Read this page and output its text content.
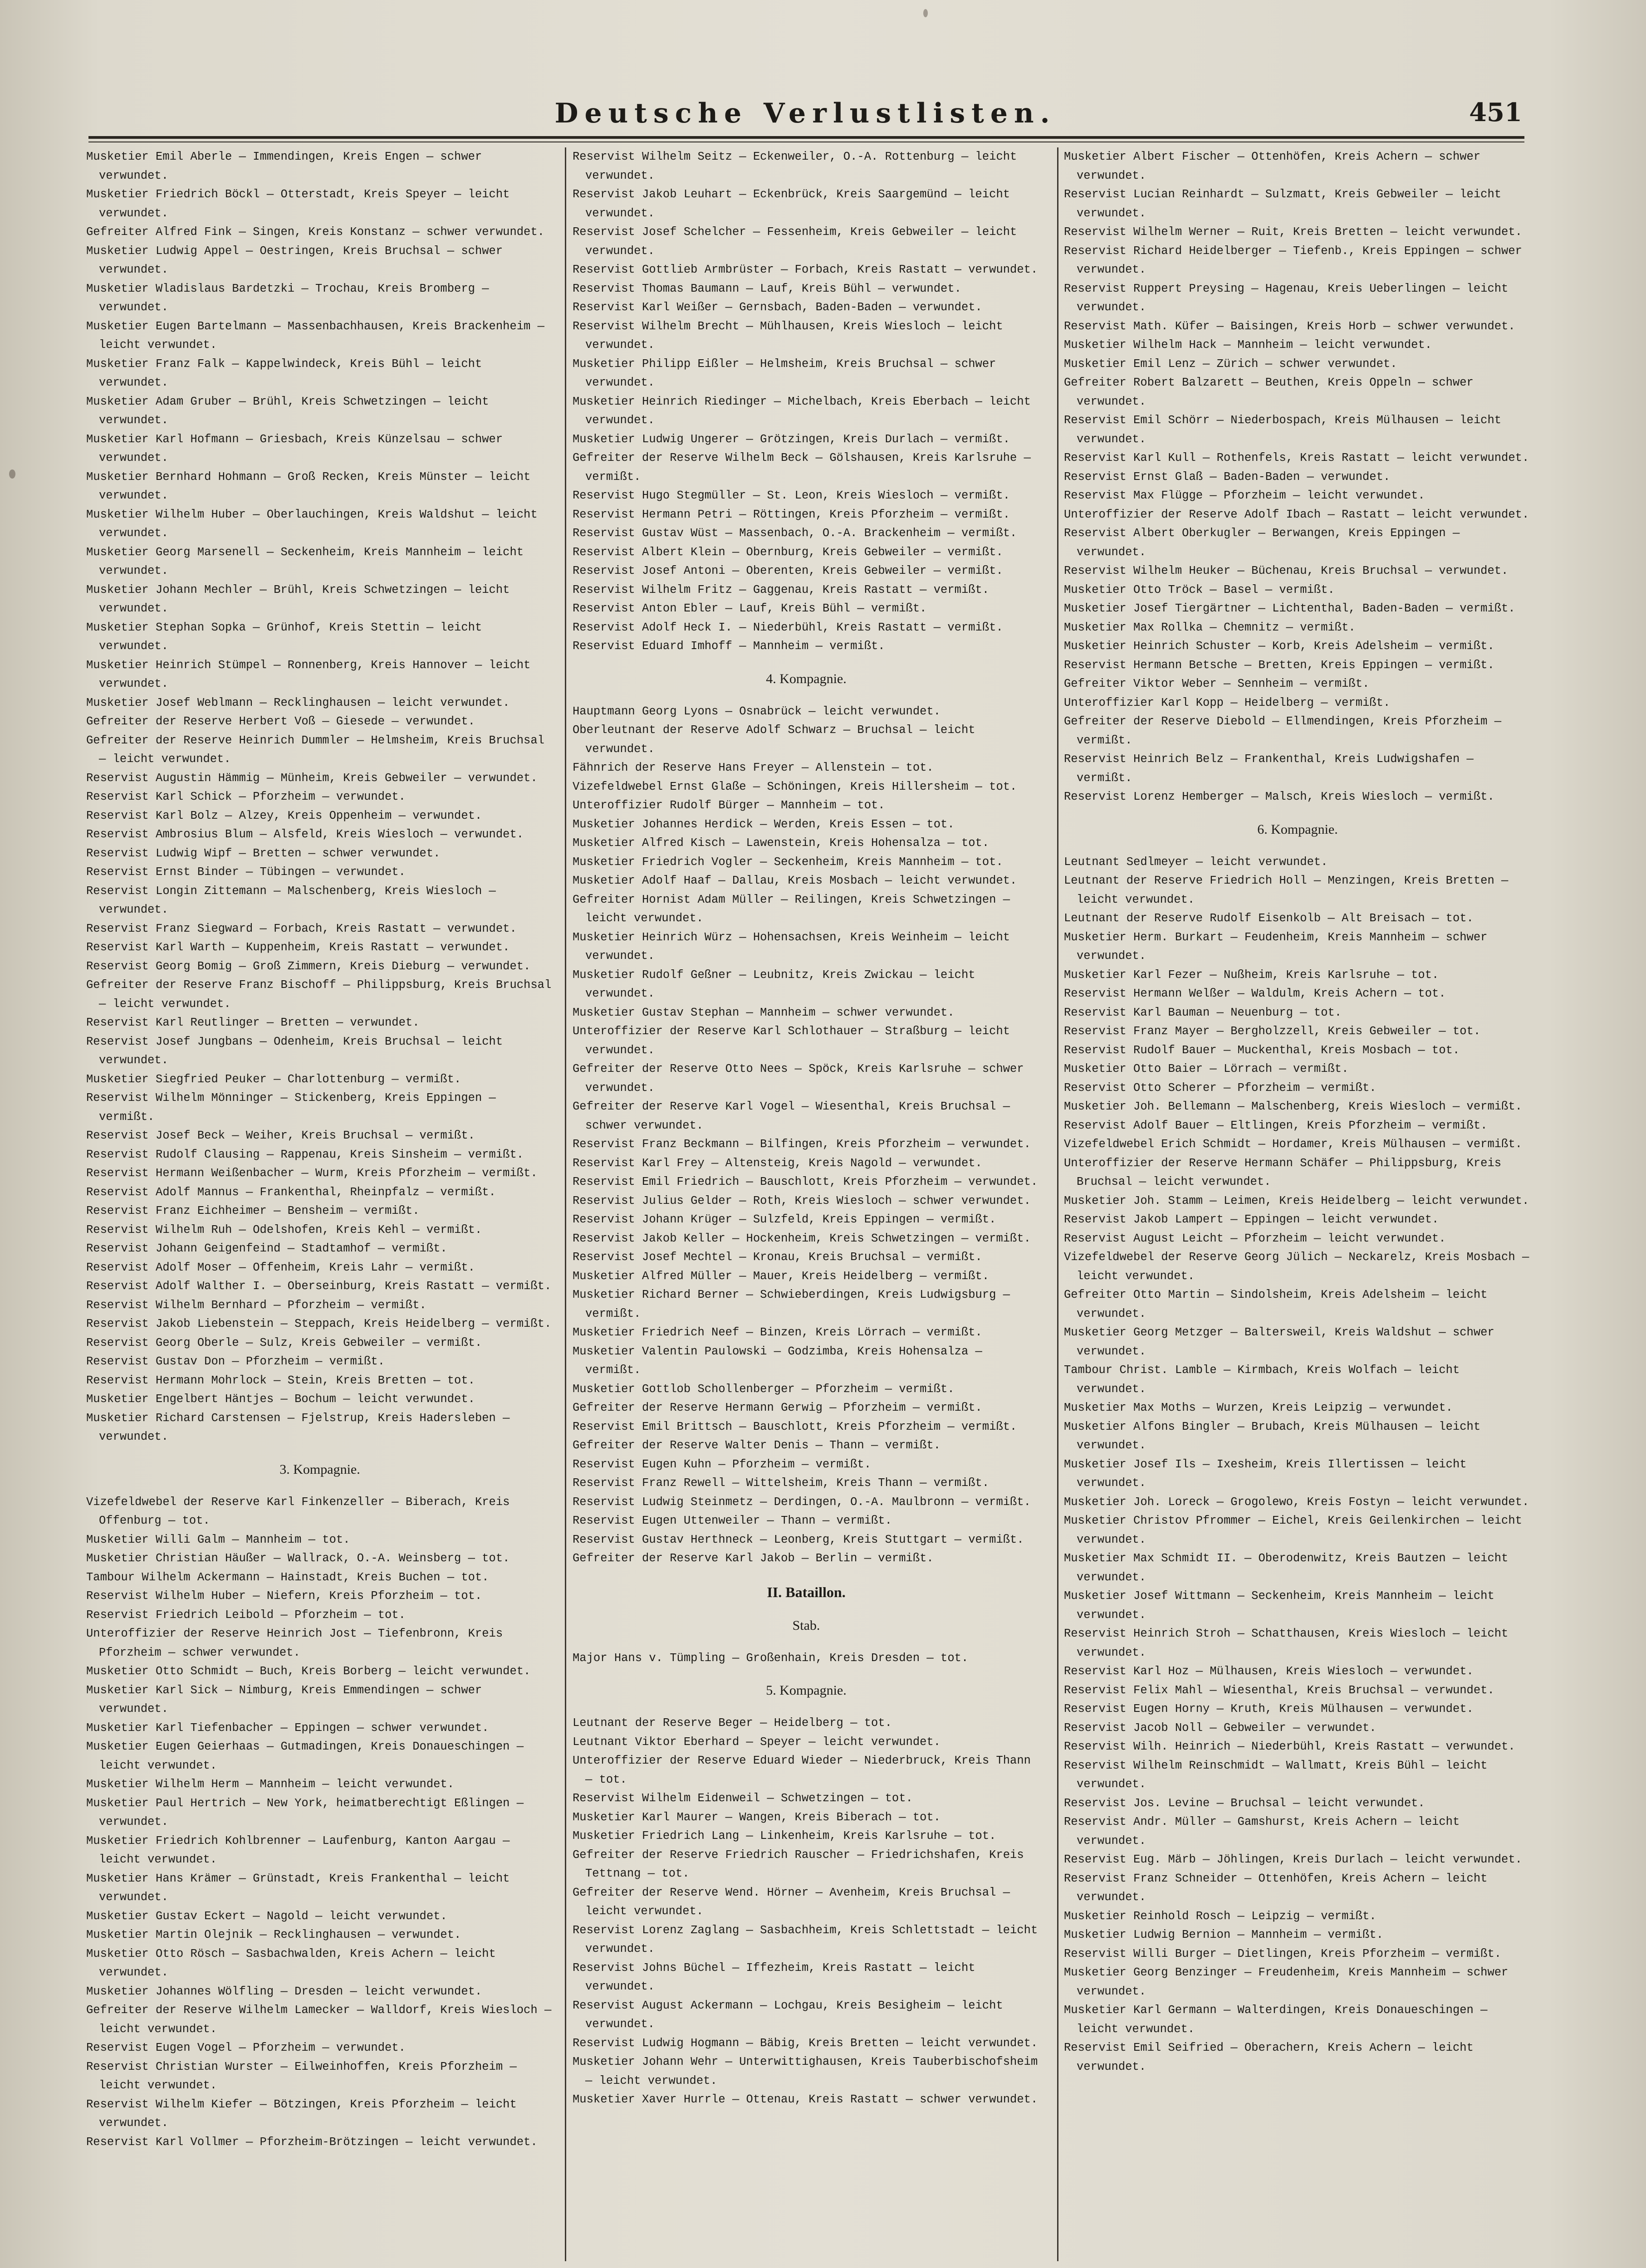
Deutsche Verlustlisten.	451

Musketier Emil Aberle — Immendingen, Kreis Engen — schwer verwundet.

Musketier Friedrich Böckl — Otterstadt, Kreis Speyer — leicht verwundet.

Gefreiter Alfred Fink — Singen, Kreis Konstanz — schwer verwundet.

Musketier Ludwig Appel — Oestringen, Kreis Bruchsal — schwer verwundet.

Musketier Wladislaus Bardetzki — Trochau, Kreis Bromberg — verwundet.

Musketier Eugen Bartelmann — Massenbachhausen, Kreis Brackenheim — leicht verwundet.

Musketier Franz Falk — Kappelwindeck, Kreis Bühl — leicht verwundet.

Musketier Adam Gruber — Brühl, Kreis Schwetzingen — leicht verwundet.

Musketier Karl Hofmann — Griesbach, Kreis Künzelsau — schwer verwundet.

Musketier Bernhard Hohmann — Groß Recken, Kreis Münster — leicht verwundet.

Musketier Wilhelm Huber — Oberlauchingen, Kreis Waldshut — leicht verwundet.

Musketier Georg Marsenell — Seckenheim, Kreis Mannheim — leicht verwundet.

Musketier Johann Mechler — Brühl, Kreis Schwetzingen — leicht verwundet.

Musketier Stephan Sopka — Grünhof, Kreis Stettin — leicht verwundet.

Musketier Heinrich Stümpel — Ronnenberg, Kreis Hannover — leicht verwundet.

Musketier Josef Weblmann — Recklinghausen — leicht verwundet.

Gefreiter der Reserve Herbert Voß — Giesede — verwundet.

Gefreiter der Reserve Heinrich Dummler — Helmsheim, Kreis Bruchsal — leicht verwundet.

Reservist Augustin Hämmig — Münheim, Kreis Gebweiler — verwundet.

Reservist Karl Schick — Pforzheim — verwundet.

Reservist Karl Bolz — Alzey, Kreis Oppenheim — verwundet.

Reservist Ambrosius Blum — Alsfeld, Kreis Wiesloch — verwundet.

Reservist Ludwig Wipf — Bretten — schwer verwundet.

Reservist Ernst Binder — Tübingen — verwundet.

Reservist Longin Zittemann — Malschenberg, Kreis Wiesloch — verwundet.

Reservist Franz Siegward — Forbach, Kreis Rastatt — verwundet.

Reservist Karl Warth — Kuppenheim, Kreis Rastatt — verwundet.

Reservist Georg Bomig — Groß Zimmern, Kreis Dieburg — verwundet.

Gefreiter der Reserve Franz Bischoff — Philippsburg, Kreis Bruchsal — leicht verwundet.

Reservist Karl Reutlinger — Bretten — verwundet.

Reservist Josef Jungbans — Odenheim, Kreis Bruchsal — leicht verwundet.

Musketier Siegfried Peuker — Charlottenburg — vermißt.

Reservist Wilhelm Mönninger — Stickenberg, Kreis Eppingen — vermißt.

Reservist Josef Beck — Weiher, Kreis Bruchsal — vermißt.

Reservist Rudolf Clausing — Rappenau, Kreis Sinsheim — vermißt.

Reservist Hermann Weißenbacher — Wurm, Kreis Pforzheim — vermißt.

Reservist Adolf Mannus — Frankenthal, Rheinpfalz — vermißt.

Reservist Franz Eichheimer — Bensheim — vermißt.

Reservist Wilhelm Ruh — Odelshofen, Kreis Kehl — vermißt.

Reservist Johann Geigenfeind — Stadtamhof — vermißt.

Reservist Adolf Moser — Offenheim, Kreis Lahr — vermißt.

Reservist Adolf Walther I. — Oberseinburg, Kreis Rastatt — vermißt.

Reservist Wilhelm Bernhard — Pforzheim — vermißt.

Reservist Jakob Liebenstein — Steppach, Kreis Heidelberg — vermißt.

Reservist Georg Oberle — Sulz, Kreis Gebweiler — vermißt.

Reservist Gustav Don — Pforzheim — vermißt.

Reservist Hermann Mohrlock — Stein, Kreis Bretten — tot.

Musketier Engelbert Häntjes — Bochum — leicht verwundet.

Musketier Richard Carstensen — Fjelstrup, Kreis Hadersleben — verwundet.

3. Kompagnie.

Vizefeldwebel der Reserve Karl Finkenzeller — Biberach, Kreis Offenburg — tot.

Musketier Willi Galm — Mannheim — tot.

Musketier Christian Häußer — Wallrack, O.-A. Weinsberg — tot.

Tambour Wilhelm Ackermann — Hainstadt, Kreis Buchen — tot.

Reservist Wilhelm Huber — Niefern, Kreis Pforzheim — tot.

Reservist Friedrich Leibold — Pforzheim — tot.

Unteroffizier der Reserve Heinrich Jost — Tiefenbronn, Kreis Pforzheim — schwer verwundet.

Musketier Otto Schmidt — Buch, Kreis Borberg — leicht verwundet.

Musketier Karl Sick — Nimburg, Kreis Emmendingen — schwer verwundet.

Musketier Karl Tiefenbacher — Eppingen — schwer verwundet.

Musketier Eugen Geierhaas — Gutmadingen, Kreis Donaueschingen — leicht verwundet.

Musketier Wilhelm Herm — Mannheim — leicht verwundet.

Musketier Paul Hertrich — New York, heimatberechtigt Eßlingen — verwundet.

Musketier Friedrich Kohlbrenner — Laufenburg, Kanton Aargau — leicht verwundet.

Musketier Hans Krämer — Grünstadt, Kreis Frankenthal — leicht verwundet.

Musketier Gustav Eckert — Nagold — leicht verwundet.

Musketier Martin Olejnik — Recklinghausen — verwundet.

Musketier Otto Rösch — Sasbachwalden, Kreis Achern — leicht verwundet.

Musketier Johannes Wölfling — Dresden — leicht verwundet.

Gefreiter der Reserve Wilhelm Lamecker — Walldorf, Kreis Wiesloch — leicht verwundet.

Reservist Eugen Vogel — Pforzheim — verwundet.

Reservist Christian Wurster — Eilweinhoffen, Kreis Pforzheim — leicht verwundet.

Reservist Wilhelm Kiefer — Bötzingen, Kreis Pforzheim — leicht verwundet.

Reservist Karl Vollmer — Pforzheim-Brötzingen — leicht verwundet.

Reservist Wilhelm Seitz — Eckenweiler, O.-A. Rottenburg — leicht verwundet.

Reservist Jakob Leuhart — Eckenbrück, Kreis Saargemünd — leicht verwundet.

Reservist Josef Schelcher — Fessenheim, Kreis Gebweiler — leicht verwundet.

Reservist Gottlieb Armbrüster — Forbach, Kreis Rastatt — verwundet.

Reservist Thomas Baumann — Lauf, Kreis Bühl — verwundet.

Reservist Karl Weißer — Gernsbach, Baden-Baden — verwundet.

Reservist Wilhelm Brecht — Mühlhausen, Kreis Wiesloch — leicht verwundet.

Musketier Philipp Eißler — Helmsheim, Kreis Bruchsal — schwer verwundet.

Musketier Heinrich Riedinger — Michelbach, Kreis Eberbach — leicht verwundet.

Musketier Ludwig Ungerer — Grötzingen, Kreis Durlach — vermißt.

Gefreiter der Reserve Wilhelm Beck — Gölshausen, Kreis Karlsruhe — vermißt.

Reservist Hugo Stegmüller — St. Leon, Kreis Wiesloch — vermißt.

Reservist Hermann Petri — Röttingen, Kreis Pforzheim — vermißt.

Reservist Gustav Wüst — Massenbach, O.-A. Brackenheim — vermißt.

Reservist Albert Klein — Obernburg, Kreis Gebweiler — vermißt.

Reservist Josef Antoni — Oberenten, Kreis Gebweiler — vermißt.

Reservist Wilhelm Fritz — Gaggenau, Kreis Rastatt — vermißt.

Reservist Anton Ebler — Lauf, Kreis Bühl — vermißt.

Reservist Adolf Heck I. — Niederbühl, Kreis Rastatt — vermißt.

Reservist Eduard Imhoff — Mannheim — vermißt.

4. Kompagnie.

Hauptmann Georg Lyons — Osnabrück — leicht verwundet.

Oberleutnant der Reserve Adolf Schwarz — Bruchsal — leicht verwundet.

Fähnrich der Reserve Hans Freyer — Allenstein — tot.

Vizefeldwebel Ernst Glaße — Schöningen, Kreis Hillersheim — tot.

Unteroffizier Rudolf Bürger — Mannheim — tot.

Musketier Johannes Herdick — Werden, Kreis Essen — tot.

Musketier Alfred Kisch — Lawenstein, Kreis Hohensalza — tot.

Musketier Friedrich Vogler — Seckenheim, Kreis Mannheim — tot.

Musketier Adolf Haaf — Dallau, Kreis Mosbach — leicht verwundet.

Gefreiter Hornist Adam Müller — Reilingen, Kreis Schwetzingen — leicht verwundet.

Musketier Heinrich Würz — Hohensachsen, Kreis Weinheim — leicht verwundet.

Musketier Rudolf Geßner — Leubnitz, Kreis Zwickau — leicht verwundet.

Musketier Gustav Stephan — Mannheim — schwer verwundet.

Unteroffizier der Reserve Karl Schlothauer — Straßburg — leicht verwundet.

Gefreiter der Reserve Otto Nees — Spöck, Kreis Karlsruhe — schwer verwundet.

Gefreiter der Reserve Karl Vogel — Wiesenthal, Kreis Bruchsal — schwer verwundet.

Reservist Franz Beckmann — Bilfingen, Kreis Pforzheim — verwundet.

Reservist Karl Frey — Altensteig, Kreis Nagold — verwundet.

Reservist Emil Friedrich — Bauschlott, Kreis Pforzheim — verwundet.

Reservist Julius Gelder — Roth, Kreis Wiesloch — schwer verwundet.

Reservist Johann Krüger — Sulzfeld, Kreis Eppingen — vermißt.

Reservist Jakob Keller — Hockenheim, Kreis Schwetzingen — vermißt.

Reservist Josef Mechtel — Kronau, Kreis Bruchsal — vermißt.

Musketier Alfred Müller — Mauer, Kreis Heidelberg — vermißt.

Musketier Richard Berner — Schwieberdingen, Kreis Ludwigsburg — vermißt.

Musketier Friedrich Neef — Binzen, Kreis Lörrach — vermißt.

Musketier Valentin Paulowski — Godzimba, Kreis Hohensalza — vermißt.

Musketier Gottlob Schollenberger — Pforzheim — vermißt.

Gefreiter der Reserve Hermann Gerwig — Pforzheim — vermißt.

Reservist Emil Brittsch — Bauschlott, Kreis Pforzheim — vermißt.

Gefreiter der Reserve Walter Denis — Thann — vermißt.

Reservist Eugen Kuhn — Pforzheim — vermißt.

Reservist Franz Rewell — Wittelsheim, Kreis Thann — vermißt.

Reservist Ludwig Steinmetz — Derdingen, O.-A. Maulbronn — vermißt.

Reservist Eugen Uttenweiler — Thann — vermißt.

Reservist Gustav Herthneck — Leonberg, Kreis Stuttgart — vermißt.

Gefreiter der Reserve Karl Jakob — Berlin — vermißt.

II. Bataillon.

Stab.

Major Hans v. Tümpling — Großenhain, Kreis Dresden — tot.

5. Kompagnie.

Leutnant der Reserve Beger — Heidelberg — tot.

Leutnant Viktor Eberhard — Speyer — leicht verwundet.

Unteroffizier der Reserve Eduard Wieder — Niederbruck, Kreis Thann — tot.

Reservist Wilhelm Eidenweil — Schwetzingen — tot.

Musketier Karl Maurer — Wangen, Kreis Biberach — tot.

Musketier Friedrich Lang — Linkenheim, Kreis Karlsruhe — tot.

Gefreiter der Reserve Friedrich Rauscher — Friedrichshafen, Kreis Tettnang — tot.

Gefreiter der Reserve Wend. Hörner — Avenheim, Kreis Bruchsal — leicht verwundet.

Reservist Lorenz Zaglang — Sasbachheim, Kreis Schlettstadt — leicht verwundet.

Reservist Johns Büchel — Iffezheim, Kreis Rastatt — leicht verwundet.

Reservist August Ackermann — Lochgau, Kreis Besigheim — leicht verwundet.

Reservist Ludwig Hogmann — Bäbig, Kreis Bretten — leicht verwundet.

Musketier Johann Wehr — Unterwittighausen, Kreis Tauberbischofsheim — leicht verwundet.

Musketier Xaver Hurrle — Ottenau, Kreis Rastatt — schwer verwundet.

Musketier Albert Fischer — Ottenhöfen, Kreis Achern — schwer verwundet.

Reservist Lucian Reinhardt — Sulzmatt, Kreis Gebweiler — leicht verwundet.

Reservist Wilhelm Werner — Ruit, Kreis Bretten — leicht verwundet.

Reservist Richard Heidelberger — Tiefenb., Kreis Eppingen — schwer verwundet.

Reservist Ruppert Preysing — Hagenau, Kreis Ueberlingen — leicht verwundet.

Reservist Math. Küfer — Baisingen, Kreis Horb — schwer verwundet.

Musketier Wilhelm Hack — Mannheim — leicht verwundet.

Musketier Emil Lenz — Zürich — schwer verwundet.

Gefreiter Robert Balzarett — Beuthen, Kreis Oppeln — schwer verwundet.

Reservist Emil Schörr — Niederbospach, Kreis Mülhausen — leicht verwundet.

Reservist Karl Kull — Rothenfels, Kreis Rastatt — leicht verwundet.

Reservist Ernst Glaß — Baden-Baden — verwundet.

Reservist Max Flügge — Pforzheim — leicht verwundet.

Unteroffizier der Reserve Adolf Ibach — Rastatt — leicht verwundet.

Reservist Albert Oberkugler — Berwangen, Kreis Eppingen — verwundet.

Reservist Wilhelm Heuker — Büchenau, Kreis Bruchsal — verwundet.

Musketier Otto Tröck — Basel — vermißt.

Musketier Josef Tiergärtner — Lichtenthal, Baden-Baden — vermißt.

Musketier Max Rollka — Chemnitz — vermißt.

Musketier Heinrich Schuster — Korb, Kreis Adelsheim — vermißt.

Reservist Hermann Betsche — Bretten, Kreis Eppingen — vermißt.

Gefreiter Viktor Weber — Sennheim — vermißt.

Unteroffizier Karl Kopp — Heidelberg — vermißt.

Gefreiter der Reserve Diebold — Ellmendingen, Kreis Pforzheim — vermißt.

Reservist Heinrich Belz — Frankenthal, Kreis Ludwigshafen — vermißt.

Reservist Lorenz Hemberger — Malsch, Kreis Wiesloch — vermißt.

6. Kompagnie.

Leutnant Sedlmeyer — leicht verwundet.

Leutnant der Reserve Friedrich Holl — Menzingen, Kreis Bretten — leicht verwundet.

Leutnant der Reserve Rudolf Eisenkolb — Alt Breisach — tot.

Musketier Herm. Burkart — Feudenheim, Kreis Mannheim — schwer verwundet.

Musketier Karl Fezer — Nußheim, Kreis Karlsruhe — tot.

Reservist Hermann Welßer — Waldulm, Kreis Achern — tot.

Reservist Karl Bauman — Neuenburg — tot.

Reservist Franz Mayer — Bergholzzell, Kreis Gebweiler — tot.

Reservist Rudolf Bauer — Muckenthal, Kreis Mosbach — tot.

Musketier Otto Baier — Lörrach — vermißt.

Reservist Otto Scherer — Pforzheim — vermißt.

Musketier Joh. Bellemann — Malschenberg, Kreis Wiesloch — vermißt.

Reservist Adolf Bauer — Eltlingen, Kreis Pforzheim — vermißt.

Vizefeldwebel Erich Schmidt — Hordamer, Kreis Mülhausen — vermißt.

Unteroffizier der Reserve Hermann Schäfer — Philippsburg, Kreis Bruchsal — leicht verwundet.

Musketier Joh. Stamm — Leimen, Kreis Heidelberg — leicht verwundet.

Reservist Jakob Lampert — Eppingen — leicht verwundet.

Reservist August Leicht — Pforzheim — leicht verwundet.

Vizefeldwebel der Reserve Georg Jülich — Neckarelz, Kreis Mosbach — leicht verwundet.

Gefreiter Otto Martin — Sindolsheim, Kreis Adelsheim — leicht verwundet.

Musketier Georg Metzger — Baltersweil, Kreis Waldshut — schwer verwundet.

Tambour Christ. Lamble — Kirmbach, Kreis Wolfach — leicht verwundet.

Musketier Max Moths — Wurzen, Kreis Leipzig — verwundet.

Musketier Alfons Bingler — Brubach, Kreis Mülhausen — leicht verwundet.

Musketier Josef Ils — Ixesheim, Kreis Illertissen — leicht verwundet.

Musketier Joh. Loreck — Grogolewo, Kreis Fostyn — leicht verwundet.

Musketier Christov Pfrommer — Eichel, Kreis Geilenkirchen — leicht verwundet.

Musketier Max Schmidt II. — Oberodenwitz, Kreis Bautzen — leicht verwundet.

Musketier Josef Wittmann — Seckenheim, Kreis Mannheim — leicht verwundet.

Reservist Heinrich Stroh — Schatthausen, Kreis Wiesloch — leicht verwundet.

Reservist Karl Hoz — Mülhausen, Kreis Wiesloch — verwundet.

Reservist Felix Mahl — Wiesenthal, Kreis Bruchsal — verwundet.

Reservist Eugen Horny — Kruth, Kreis Mülhausen — verwundet.

Reservist Jacob Noll — Gebweiler — verwundet.

Reservist Wilh. Heinrich — Niederbühl, Kreis Rastatt — verwundet.

Reservist Wilhelm Reinschmidt — Wallmatt, Kreis Bühl — leicht verwundet.

Reservist Jos. Levine — Bruchsal — leicht verwundet.

Reservist Andr. Müller — Gamshurst, Kreis Achern — leicht verwundet.

Reservist Eug. Märb — Jöhlingen, Kreis Durlach — leicht verwundet.

Reservist Franz Schneider — Ottenhöfen, Kreis Achern — leicht verwundet.

Musketier Reinhold Rosch — Leipzig — vermißt.

Musketier Ludwig Bernion — Mannheim — vermißt.

Reservist Willi Burger — Dietlingen, Kreis Pforzheim — vermißt.

Musketier Georg Benzinger — Freudenheim, Kreis Mannheim — schwer verwundet.

Musketier Karl Germann — Walterdingen, Kreis Donaueschingen — leicht verwundet.

Reservist Emil Seifried — Oberachern, Kreis Achern — leicht verwundet.
